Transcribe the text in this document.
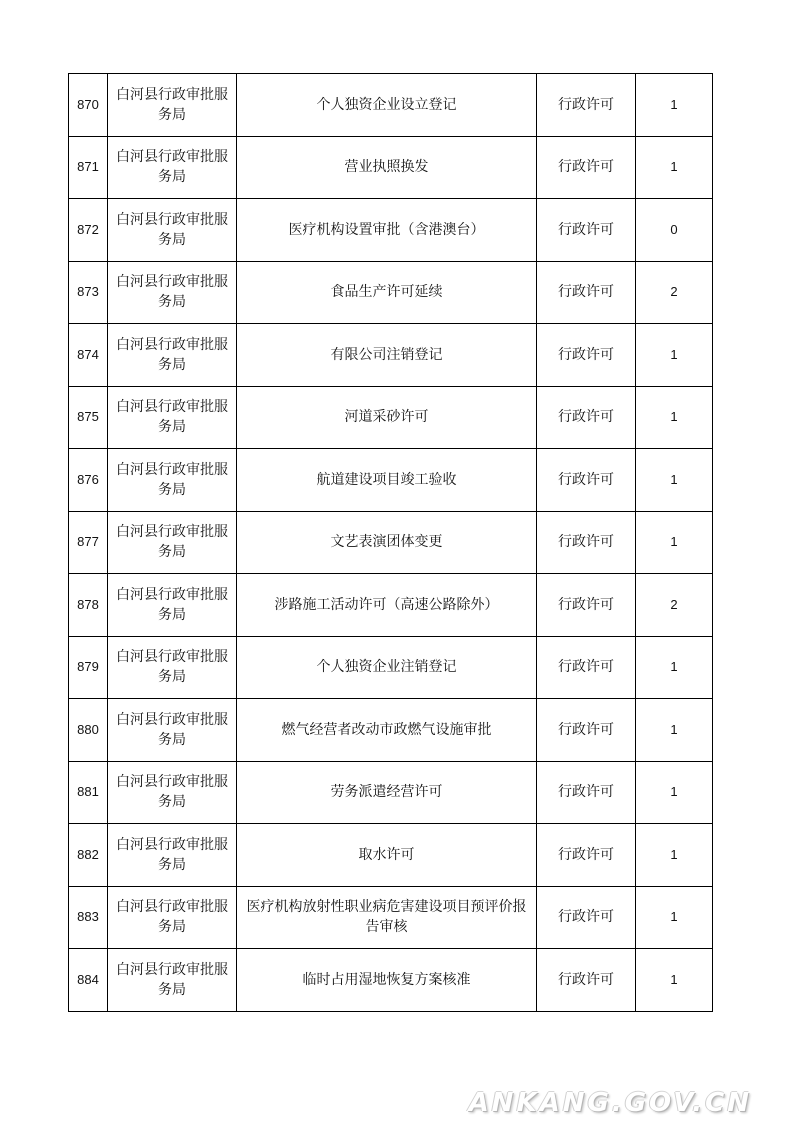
870	白河县行政审批服务局	个人独资企业设立登记	行政许可	1
871	白河县行政审批服务局	营业执照换发	行政许可	1
872	白河县行政审批服务局	医疗机构设置审批（含港澳台）	行政许可	0
873	白河县行政审批服务局	食品生产许可延续	行政许可	2
874	白河县行政审批服务局	有限公司注销登记	行政许可	1
875	白河县行政审批服务局	河道采砂许可	行政许可	1
876	白河县行政审批服务局	航道建设项目竣工验收	行政许可	1
877	白河县行政审批服务局	文艺表演团体变更	行政许可	1
878	白河县行政审批服务局	涉路施工活动许可（高速公路除外）	行政许可	2
879	白河县行政审批服务局	个人独资企业注销登记	行政许可	1
880	白河县行政审批服务局	燃气经营者改动市政燃气设施审批	行政许可	1
881	白河县行政审批服务局	劳务派遣经营许可	行政许可	1
882	白河县行政审批服务局	取水许可	行政许可	1
883	白河县行政审批服务局	医疗机构放射性职业病危害建设项目预评价报告审核	行政许可	1
884	白河县行政审批服务局	临时占用湿地恢复方案核准	行政许可	1
ANKANG.GOV.CN
